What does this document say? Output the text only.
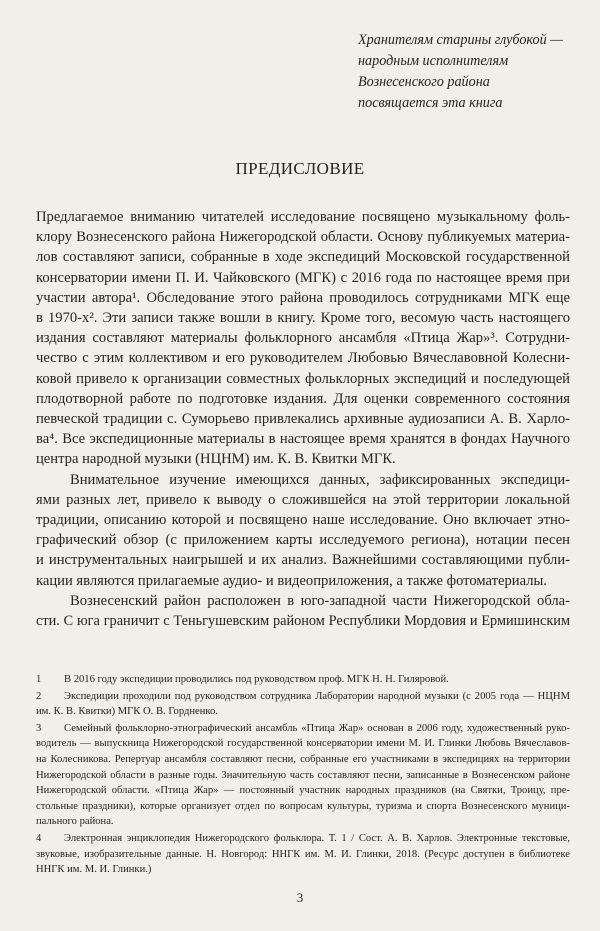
Хранителям старины глубокой —
народным исполнителям
Вознесенского района
посвящается эта книга
ПРЕДИСЛОВИЕ
Предлагаемое вниманию читателей исследование посвящено музыкальному фоль-
клору Вознесенского района Нижегородской области. Основу публикуемых материа-
лов составляют записи, собранные в ходе экспедиций Московской государственной
консерватории имени П. И. Чайковского (МГК) с 2016 года по настоящее время при
участии автора¹. Обследование этого района проводилось сотрудниками МГК еще
в 1970-х². Эти записи также вошли в книгу. Кроме того, весомую часть настоящего
издания составляют материалы фольклорного ансамбля «Птица Жар»³. Сотрудни-
чество с этим коллективом и его руководителем Любовью Вячеславовной Колесни-
ковой привело к организации совместных фольклорных экспедиций и последующей
плодотворной работе по подготовке издания. Для оценки современного состояния
певческой традиции с. Суморьево привлекались архивные аудиозаписи А. В. Харло-
ва⁴. Все экспедиционные материалы в настоящее время хранятся в фондах Научного
центра народной музыки (НЦНМ) им. К. В. Квитки МГК.
Внимательное изучение имеющихся данных, зафиксированных экспедици-
ями разных лет, привело к выводу о сложившейся на этой территории локальной
традиции, описанию которой и посвящено наше исследование. Оно включает этно-
графический обзор (с приложением карты исследуемого региона), нотации песен
и инструментальных наигрышей и их анализ. Важнейшими составляющими публи-
кации являются прилагаемые аудио- и видеоприложения, а также фотоматериалы.
Вознесенский район расположен в юго-западной части Нижегородской обла-
сти. С юга граничит с Теньгушевским районом Республики Мордовия и Ермишинским
1 В 2016 году экспедиции проводились под руководством проф. МГК Н. Н. Гиляровой.
2 Экспедиции проходили под руководством сотрудника Лаборатории народной музыки (с 2005 года — НЦНМ
им. К. В. Квитки) МГК О. В. Гордненко.
3 Семейный фольклорно-этнографический ансамбль «Птица Жар» основан в 2006 году, художественный руко-
водитель — выпускница Нижегородской государственной консерватории имени М. И. Глинки Любовь Вячеславов-
на Колесникова. Репертуар ансамбля составляют песни, собранные его участниками в экспедициях на территории
Нижегородской области в разные годы. Значительную часть составляют песни, записанные в Вознесенском районе
Нижегородской области. «Птица Жар» — постоянный участник народных праздников (на Святки, Троицу, пре-
стольные праздники), которые организует отдел по вопросам культуры, туризма и спорта Вознесенского муници-
пального района.
4 Электронная энциклопедия Нижегородского фольклора. Т. 1 / Сост. А. В. Харлов. Электронные текстовые,
звуковые, изобразительные данные. Н. Новгород: ННГК им. М. И. Глинки, 2018. (Ресурс доступен в библиотеке
ННГК им. М. И. Глинки.)
3
